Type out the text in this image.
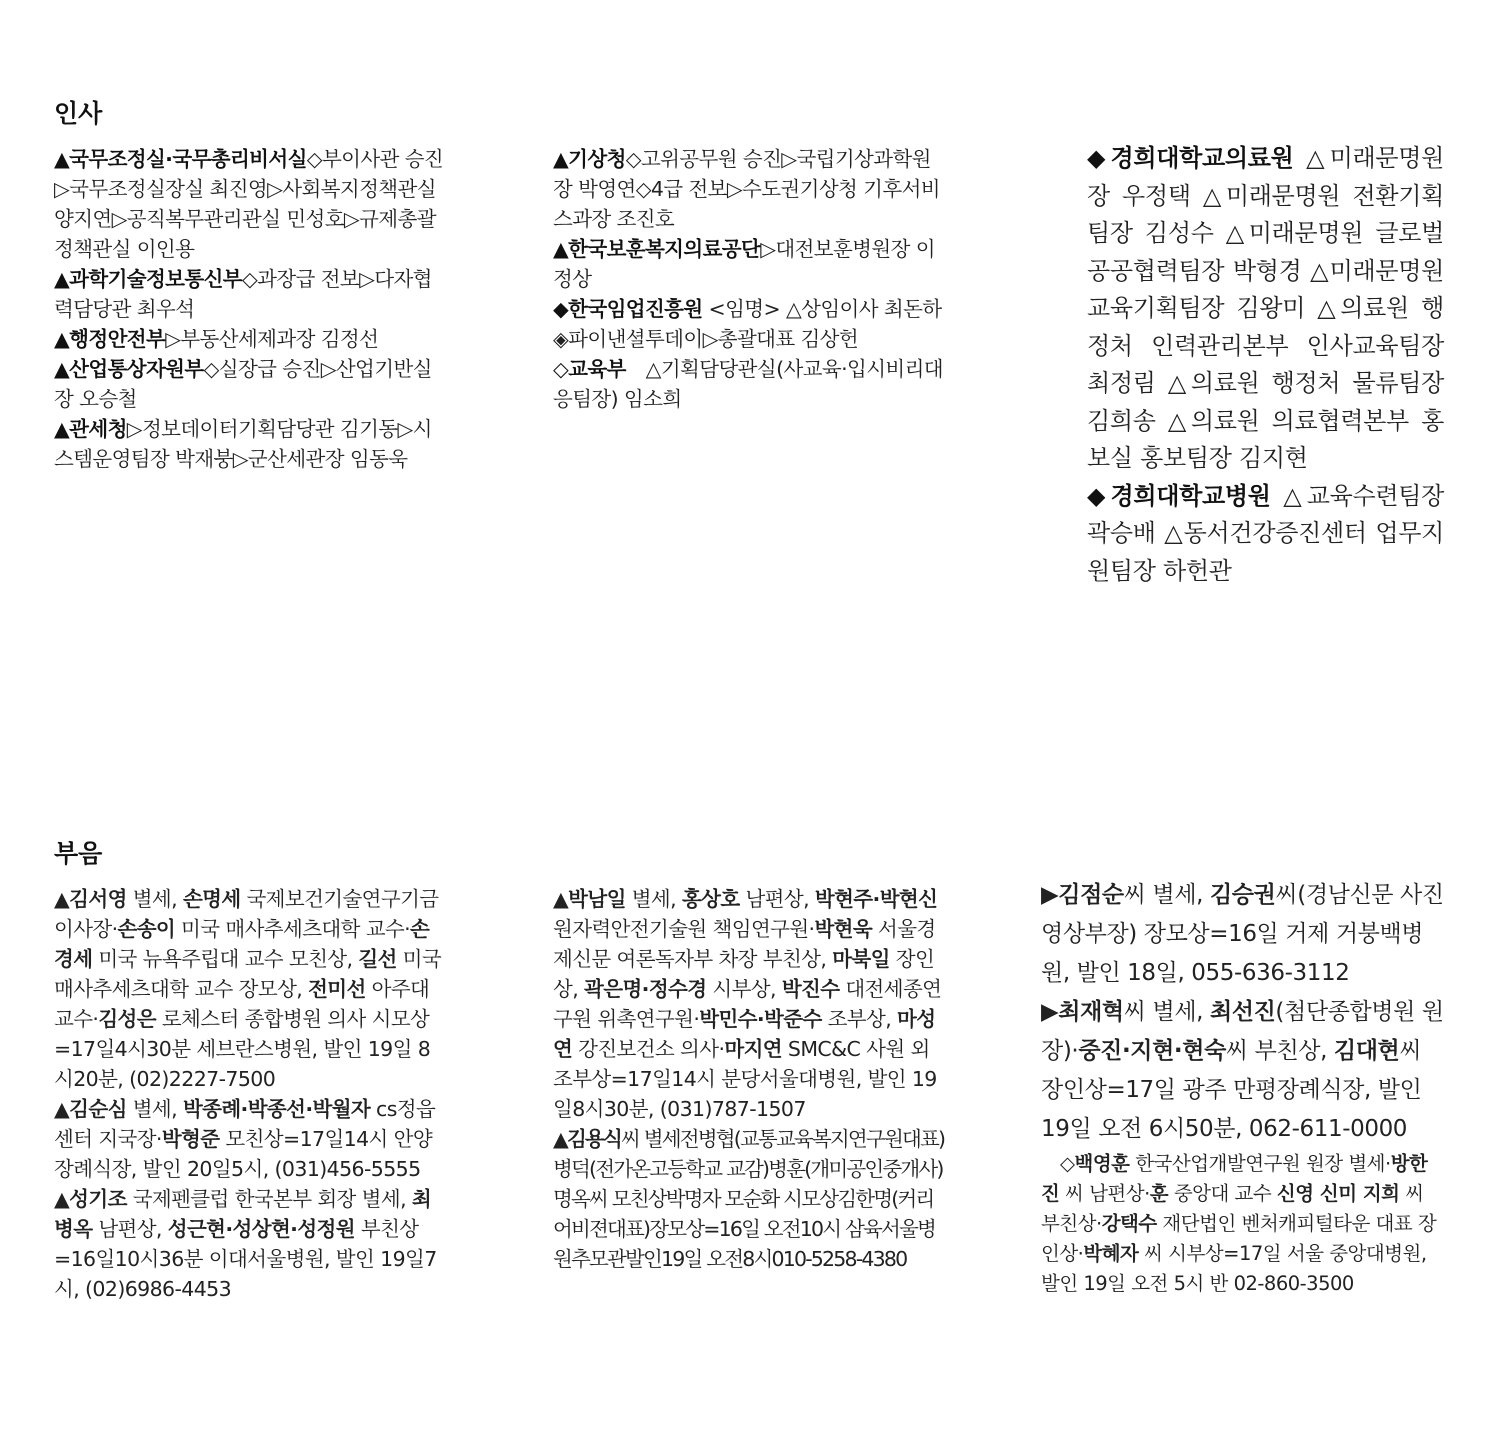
인사
부음

▲국무조정실·국무총리비서실◇부이사관 승진▷국무조정실장실 최진영▷사회복지정책관실 양지연▷공직복무관리관실 민성호▷규제총괄정책관실 이인용

▲과학기술정보통신부◇과장급 전보▷다자협력담당관 최우석

▲행정안전부▷부동산세제과장 김정선

▲산업통상자원부◇실장급 승진▷산업기반실장 오승철

▲관세청▷정보데이터기획담당관 김기동▷시스템운영팀장 박재붕▷군산세관장 임동욱

▲기상청◇고위공무원 승진▷국립기상과학원장 박영연◇4급 전보▷수도권기상청 기후서비스과장 조진호

▲한국보훈복지의료공단▷대전보훈병원장 이정상

◆한국임업진흥원 <임명> △상임이사 최돈하

◈파이낸셜투데이▷총괄대표 김상헌

◇교육부　△기획담당관실(사교육·입시비리대응팀장) 임소희

◆경희대학교의료원 △미래문명원장 우정택 △미래문명원 전환기획팀장 김성수 △미래문명원 글로벌공공협력팀장 박형경 △미래문명원 교육기획팀장 김왕미 △의료원 행정처 인력관리본부 인사교육팀장 최정림 △의료원 행정처 물류팀장 김희송 △의료원 의료협력본부 홍보실 홍보팀장 김지현

◆경희대학교병원 △교육수련팀장 곽승배 △동서건강증진센터 업무지원팀장 하헌관

▲김서영 별세, 손명세 국제보건기술연구기금 이사장·손송이 미국 매사추세츠대학 교수·손경세 미국 뉴욕주립대 교수 모친상, 길선 미국 매사추세츠대학 교수 장모상, 전미선 아주대 교수·김성은 로체스터 종합병원 의사 시모상=17일4시30분 세브란스병원, 발인 19일 8시20분, (02)2227-7500

▲김순심 별세, 박종례·박종선·박월자 cs정읍센터 지국장·박형준 모친상=17일14시 안양장례식장, 발인 20일5시, (031)456-5555

▲성기조 국제펜클럽 한국본부 회장 별세, 최병옥 남편상, 성근현·성상현·성정원 부친상=16일10시36분 이대서울병원, 발인 19일7시, (02)6986-4453

▲박남일 별세, 홍상호 남편상, 박현주·박현신 원자력안전기술원 책임연구원·박현욱 서울경제신문 여론독자부 차장 부친상, 마북일 장인상, 곽은명·정수경 시부상, 박진수 대전세종연구원 위촉연구원·박민수·박준수 조부상, 마성연 강진보건소 의사·마지연 SMC&C 사원 외조부상=17일14시 분당서울대병원, 발인 19일8시30분, (031)787-1507

▲김용식씨 별세전병협(교통교육복지연구원대표)병덕(전가온고등학교 교감)병훈(개미공인중개사)명옥씨 모친상박명자 모순화 시모상김한명(커리어비젼대표)장모상=16일 오전10시 삼육서울병원추모관발인19일 오전8시010-5258-4380

▶김점순씨 별세, 김승권씨(경남신문 사진영상부장) 장모상=16일 거제 거붕백병원, 발인 18일, 055-636-3112

▶최재혁씨 별세, 최선진(첨단종합병원 원장)·중진·지현·현숙씨 부친상, 김대현씨 장인상=17일 광주 만평장례식장, 발인 19일 오전 6시50분, 062-611-0000

　◇백영훈 한국산업개발연구원 원장 별세·방한진 씨 남편상·훈 중앙대 교수 신영 신미 지희 씨 부친상·강택수 재단법인 벤처캐피털타운 대표 장인상·박혜자 씨 시부상=17일 서울 중앙대병원, 발인 19일 오전 5시 반 02-860-3500
